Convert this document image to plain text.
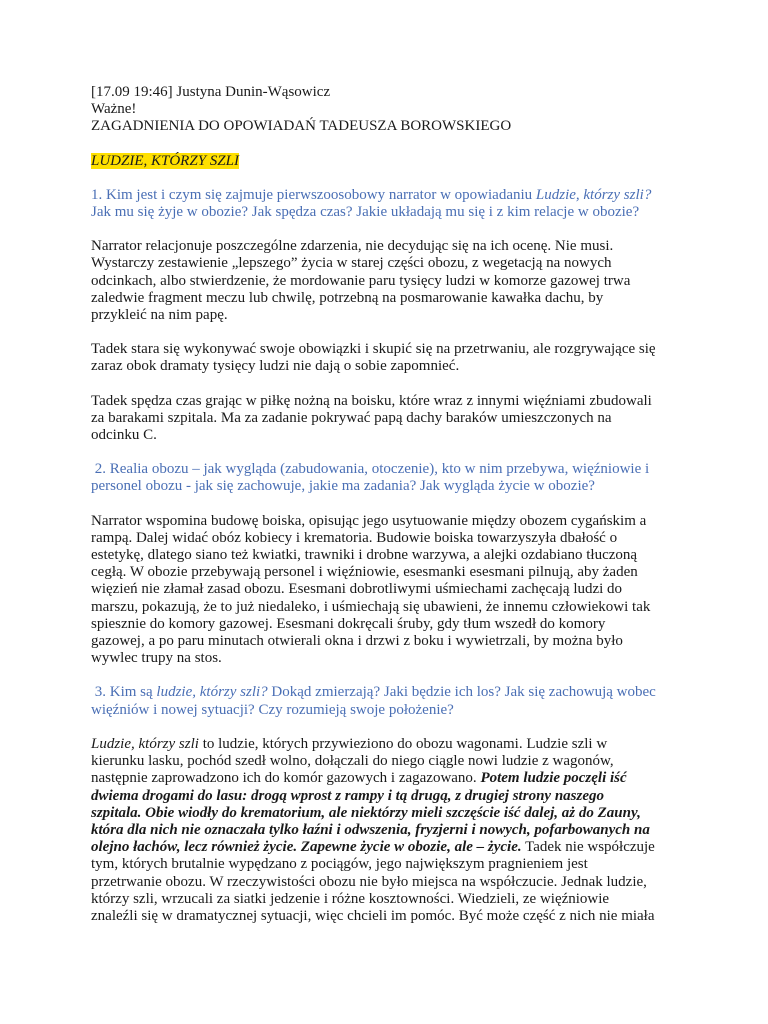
[17.09 19:46] Justyna Dunin-Wąsowicz
Ważne!
ZAGADNIENIA DO OPOWIADAŃ TADEUSZA BOROWSKIEGO
LUDZIE, KTÓRZY SZLI
1. Kim jest i czym się zajmuje pierwszoosobowy narrator w opowiadaniu Ludzie, którzy szli?
Jak mu się żyje w obozie? Jak spędza czas? Jakie układają mu się i z kim relacje w obozie?
Narrator relacjonuje poszczególne zdarzenia, nie decydując się na ich ocenę. Nie musi.
Wystarczy zestawienie „lepszego” życia w starej części obozu, z wegetacją na nowych
odcinkach, albo stwierdzenie, że mordowanie paru tysięcy ludzi w komorze gazowej trwa
zaledwie fragment meczu lub chwilę, potrzebną na posmarowanie kawałka dachu, by
przykleić na nim papę.
Tadek stara się wykonywać swoje obowiązki i skupić się na przetrwaniu, ale rozgrywające się
zaraz obok dramaty tysięcy ludzi nie dają o sobie zapomnieć.
Tadek spędza czas grając w piłkę nożną na boisku, które wraz z innymi więźniami zbudowali
za barakami szpitala. Ma za zadanie pokrywać papą dachy baraków umieszczonych na
odcinku C.
2. Realia obozu – jak wygląda (zabudowania, otoczenie), kto w nim przebywa, więźniowie i
personel obozu - jak się zachowuje, jakie ma zadania? Jak wygląda życie w obozie?
Narrator wspomina budowę boiska, opisując jego usytuowanie między obozem cygańskim a
rampą. Dalej widać obóz kobiecy i krematoria. Budowie boiska towarzyszyła dbałość o
estetykę, dlatego siano też kwiatki, trawniki i drobne warzywa, a alejki ozdabiano tłuczoną
cegłą. W obozie przebywają personel i więźniowie, esesmanki esesmani pilnują, aby żaden
więzień nie złamał zasad obozu. Esesmani dobrotliwymi uśmiechami zachęcają ludzi do
marszu, pokazują, że to już niedaleko, i uśmiechają się ubawieni, że innemu człowiekowi tak
spiesznie do komory gazowej. Esesmani dokręcali śruby, gdy tłum wszedł do komory
gazowej, a po paru minutach otwierali okna i drzwi z boku i wywietrzali, by można było
wywlec trupy na stos.
3. Kim są ludzie, którzy szli? Dokąd zmierzają? Jaki będzie ich los? Jak się zachowują wobec
więźniów i nowej sytuacji? Czy rozumieją swoje położenie?
Ludzie, którzy szli to ludzie, których przywieziono do obozu wagonami. Ludzie szli w
kierunku lasku, pochód szedł wolno, dołączali do niego ciągle nowi ludzie z wagonów,
następnie zaprowadzono ich do komór gazowych i zagazowano. Potem ludzie poczęli iść
dwiema drogami do lasu: drogą wprost z rampy i tą drugą, z drugiej strony naszego
szpitala. Obie wiodły do krematorium, ale niektórzy mieli szczęście iść dalej, aż do Zauny,
która dla nich nie oznaczała tylko łaźni i odwszenia, fryzjerni i nowych, pofarbowanych na
olejno łachów, lecz również życie. Zapewne życie w obozie, ale – życie. Tadek nie współczuje
tym, których brutalnie wypędzano z pociągów, jego największym pragnieniem jest
przetrwanie obozu. W rzeczywistości obozu nie było miejsca na współczucie. Jednak ludzie,
którzy szli, wrzucali za siatki jedzenie i różne kosztowności. Wiedzieli, ze więźniowie
znaleźli się w dramatycznej sytuacji, więc chcieli im pomóc. Być może część z nich nie miała
